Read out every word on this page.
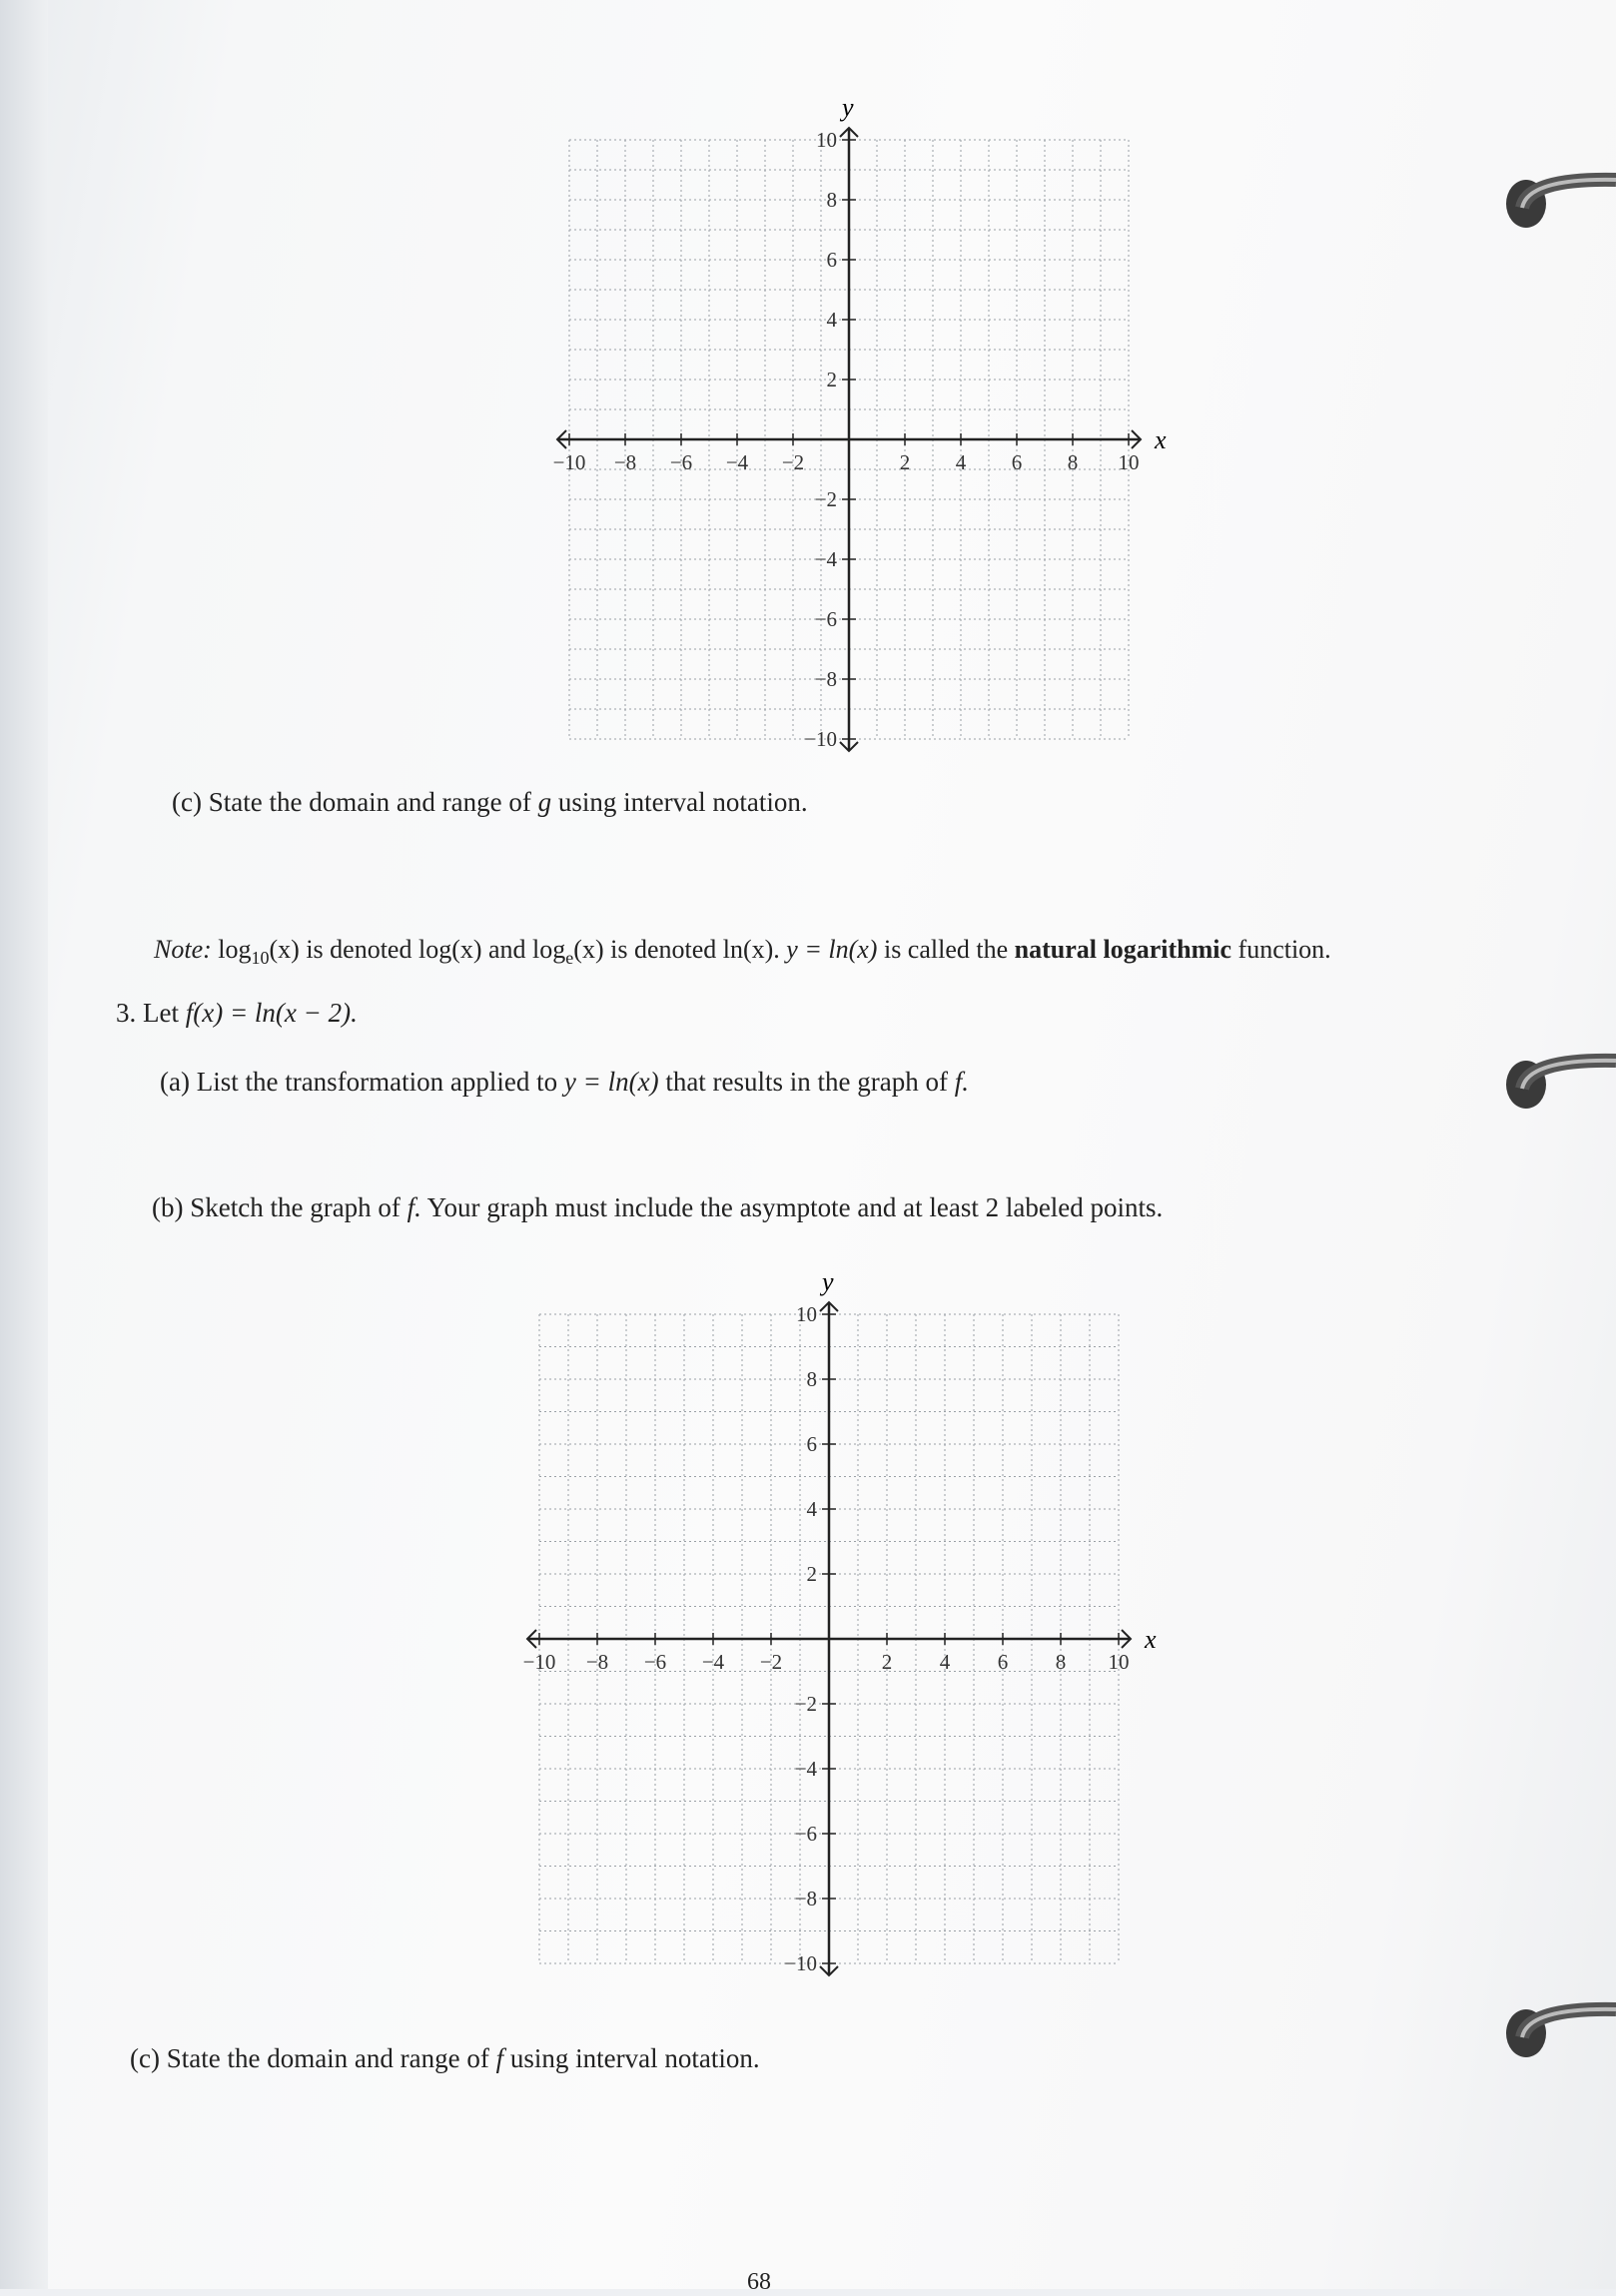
x
y
−10 −8 −6 −4 −2	2 4 6 8 10
10
8
6
4
2
−2
−4
−6
−8
−10
(c) State the domain and range of g using interval notation.
Note: $\log_{10}(x)$ is denoted log(x) and $\log_e(x)$ is denoted ln(x). y = ln(x) is called the natural logarithmic function.
3. Let f(x) = ln(x − 2).
(a) List the transformation applied to y = ln(x) that results in the graph of f.
(b) Sketch the graph of f. Your graph must include the asymptote and at least 2 labeled points.
x
y
−10 −8 −6 −4 −2	2 4 6 8 10
10
8
6
4
2
−2
−4
−6
−8
−10
(c) State the domain and range of f using interval notation.
68
